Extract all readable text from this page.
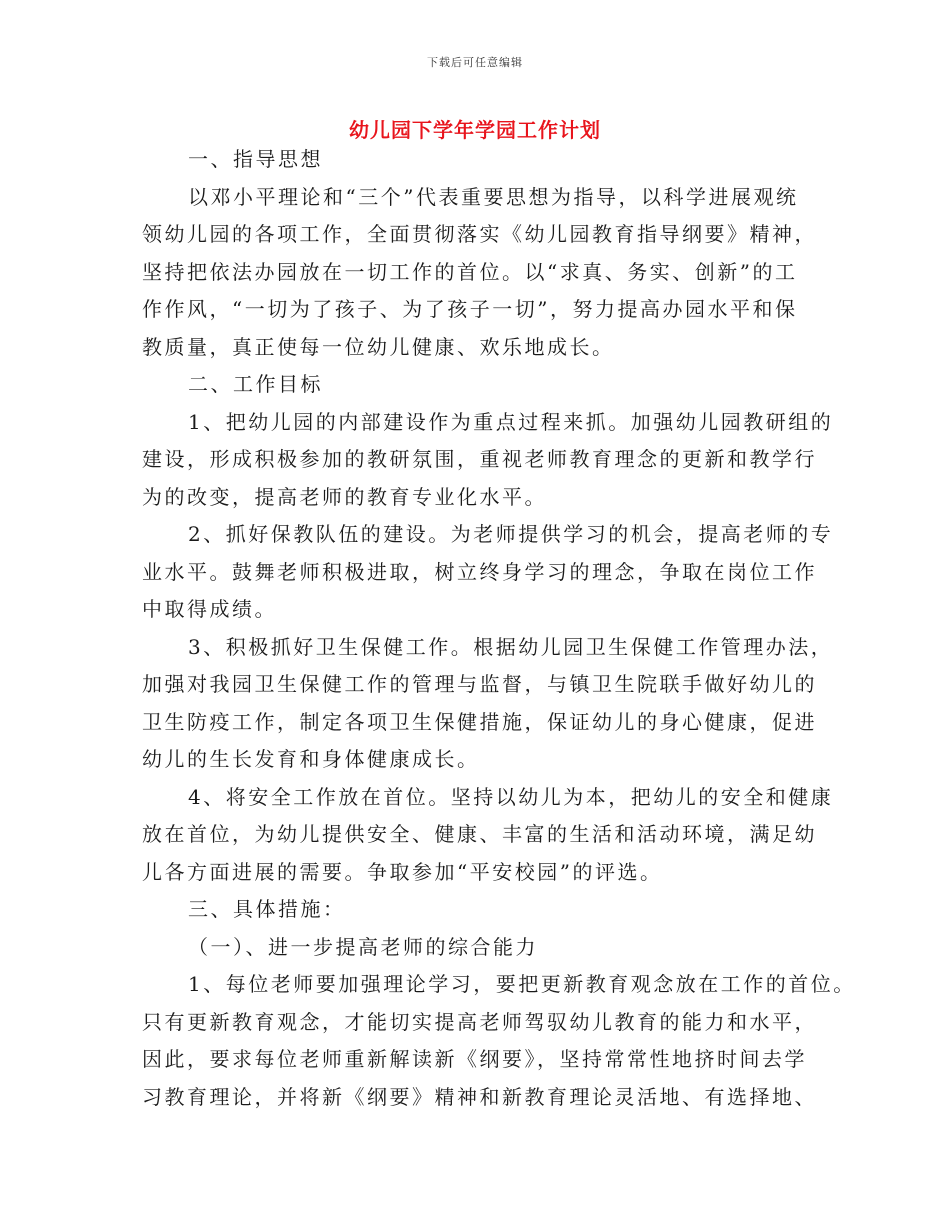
下载后可任意编辑
幼儿园下学年学园工作计划
一、指导思想
以邓小平理论和“三个”代表重要思想为指导，以科学进展观统
领幼儿园的各项工作，全面贯彻落实《幼儿园教育指导纲要》精神，
坚持把依法办园放在一切工作的首位。以“求真、务实、创新”的工
作作风，“一切为了孩子、为了孩子一切”，努力提高办园水平和保
教质量，真正使每一位幼儿健康、欢乐地成长。
二、工作目标
1、把幼儿园的内部建设作为重点过程来抓。加强幼儿园教研组的
建设，形成积极参加的教研氛围，重视老师教育理念的更新和教学行
为的改变，提高老师的教育专业化水平。
2、抓好保教队伍的建设。为老师提供学习的机会，提高老师的专
业水平。鼓舞老师积极进取，树立终身学习的理念，争取在岗位工作
中取得成绩。
3、积极抓好卫生保健工作。根据幼儿园卫生保健工作管理办法，
加强对我园卫生保健工作的管理与监督，与镇卫生院联手做好幼儿的
卫生防疫工作，制定各项卫生保健措施，保证幼儿的身心健康，促进
幼儿的生长发育和身体健康成长。
4、将安全工作放在首位。坚持以幼儿为本，把幼儿的安全和健康
放在首位，为幼儿提供安全、健康、丰富的生活和活动环境，满足幼
儿各方面进展的需要。争取参加“平安校园”的评选。
三、具体措施：
（一）、进一步提高老师的综合能力
1、每位老师要加强理论学习，要把更新教育观念放在工作的首位。
只有更新教育观念，才能切实提高老师驾驭幼儿教育的能力和水平，
因此，要求每位老师重新解读新《纲要》，坚持常常性地挤时间去学
习教育理论，并将新《纲要》精神和新教育理论灵活地、有选择地、
